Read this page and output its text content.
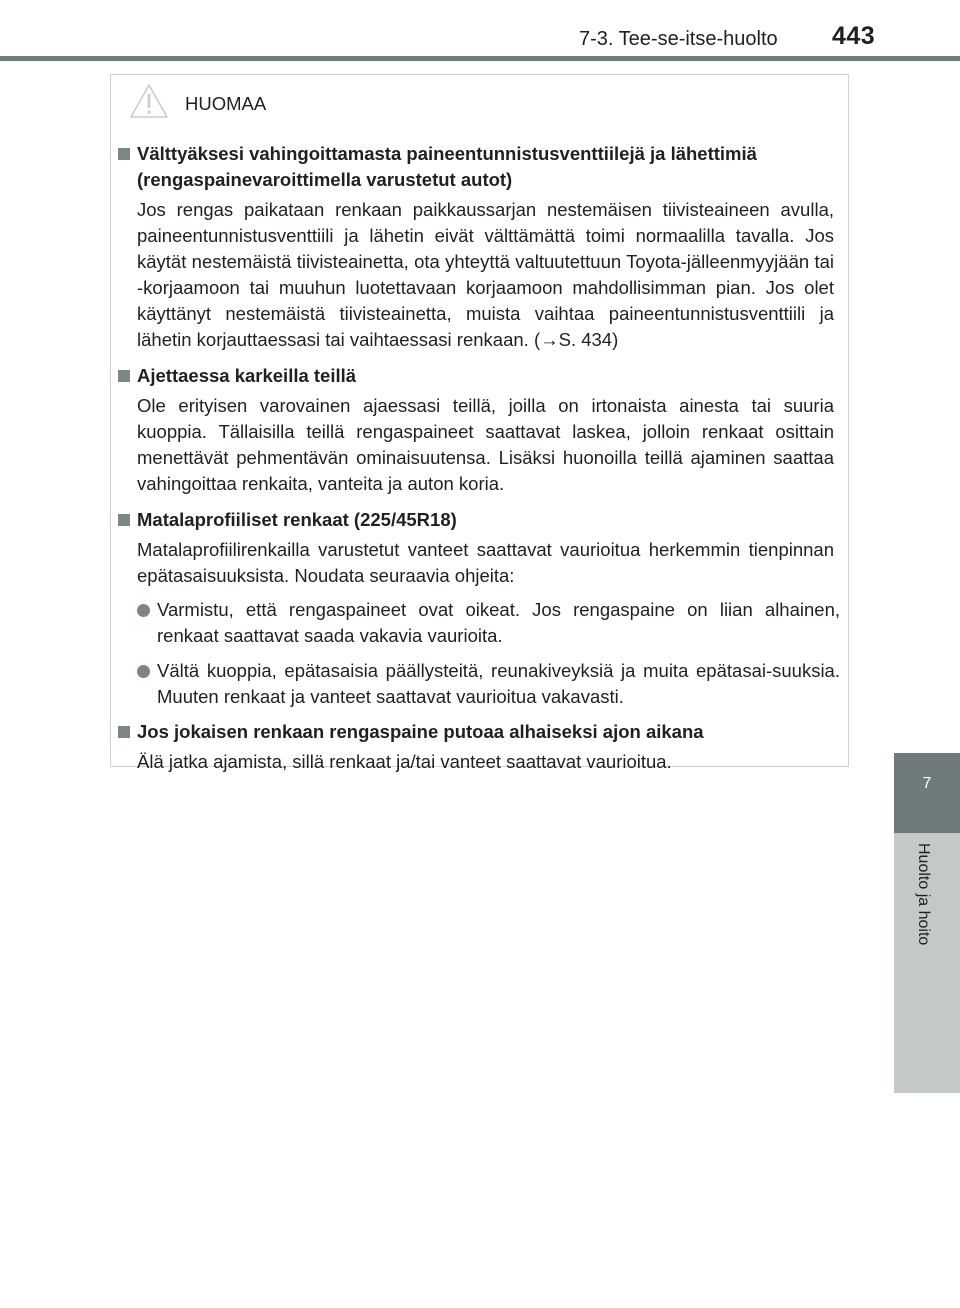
7-3. Tee-se-itse-huolto 443
7
Huolto ja hoito
HUOMAA
Välttyäksesi vahingoittamasta paineentunnistusventtiilejä ja lähettimiä (rengaspainevaroittimella varustetut autot)
Jos rengas paikataan renkaan paikkaussarjan nestemäisen tiivisteaineen avulla, paineentunnistusventtiili ja lähetin eivät välttämättä toimi normaalilla tavalla. Jos käytät nestemäistä tiivisteainetta, ota yhteyttä valtuutettuun Toyota-jälleenmyyjään tai -korjaamoon tai muuhun luotettavaan korjaamoon mahdollisimman pian. Jos olet käyttänyt nestemäistä tiivisteainetta, muista vaihtaa paineentunnistusventtiili ja lähetin korjauttaessasi tai vaihtaessasi renkaan. (→S. 434)
Ajettaessa karkeilla teillä
Ole erityisen varovainen ajaessasi teillä, joilla on irtonaista ainesta tai suuria kuoppia. Tällaisilla teillä rengaspaineet saattavat laskea, jolloin renkaat osittain menettävät pehmentävän ominaisuutensa. Lisäksi huonoilla teillä ajaminen saattaa vahingoittaa renkaita, vanteita ja auton koria.
Matalaprofiiliset renkaat (225/45R18)
Matalaprofiilirenkailla varustetut vanteet saattavat vaurioitua herkemmin tienpinnan epätasaisuuksista. Noudata seuraavia ohjeita:
Varmistu, että rengaspaineet ovat oikeat. Jos rengaspaine on liian alhainen, renkaat saattavat saada vakavia vaurioita.
Vältä kuoppia, epätasaisia päällysteitä, reunakiveyksiä ja muita epätasai-suuksia. Muuten renkaat ja vanteet saattavat vaurioitua vakavasti.
Jos jokaisen renkaan rengaspaine putoaa alhaiseksi ajon aikana
Älä jatka ajamista, sillä renkaat ja/tai vanteet saattavat vaurioitua.
